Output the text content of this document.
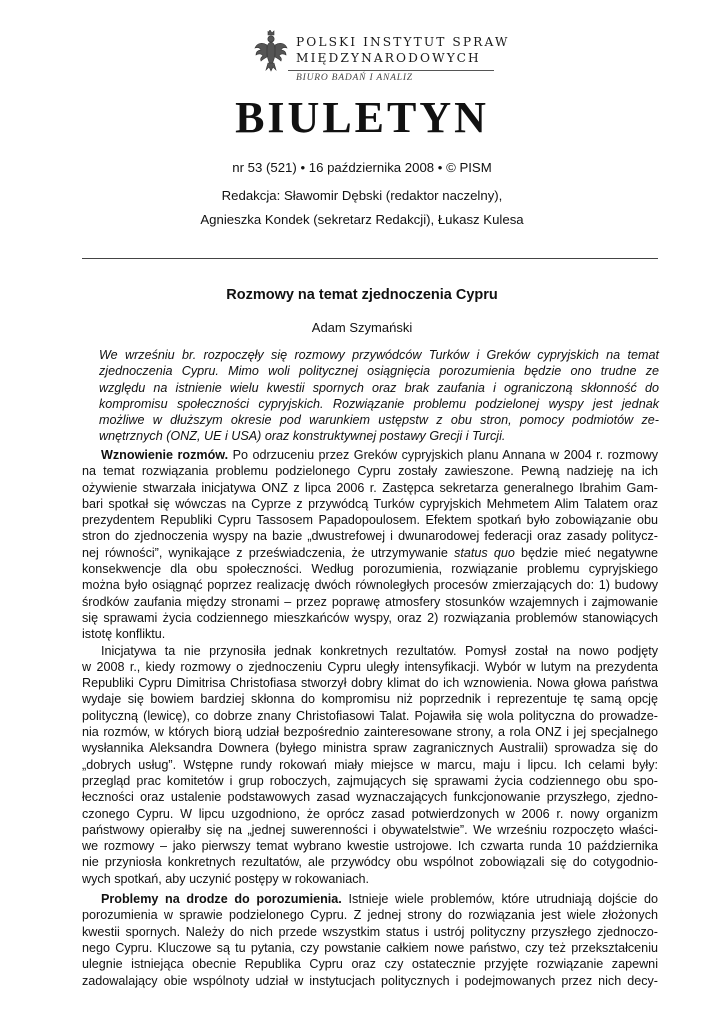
POLSKI INSTYTUT SPRAW
MIĘDZYNARODOWYCH
BIURO BADAŃ I ANALIZ
BIULETYN
nr 53 (521) • 16 października 2008 • © PISM
Redakcja: Sławomir Dębski (redaktor naczelny),
Agnieszka Kondek (sekretarz Redakcji), Łukasz Kulesa
Rozmowy na temat zjednoczenia Cypru
Adam Szymański
We wrześniu br. rozpoczęły się rozmowy przywódców Turków i Greków cypryjskich na temat
zjednoczenia Cypru. Mimo woli politycznej osiągnięcia porozumienia będzie ono trudne ze
względu na istnienie wielu kwestii spornych oraz brak zaufania i ograniczoną skłonność do
kompromisu społeczności cypryjskich. Rozwiązanie problemu podzielonej wyspy jest jednak
możliwe w dłuższym okresie pod warunkiem ustępstw z obu stron, pomocy podmiotów ze-
wnętrznych (ONZ, UE i USA) oraz konstruktywnej postawy Grecji i Turcji.
Wznowienie rozmów. Po odrzuceniu przez Greków cypryjskich planu Annana w 2004 r. rozmowy
na temat rozwiązania problemu podzielonego Cypru zostały zawieszone. Pewną nadzieję na ich
ożywienie stwarzała inicjatywa ONZ z lipca 2006 r. Zastępca sekretarza generalnego Ibrahim Gam-
bari spotkał się wówczas na Cyprze z przywódcą Turków cypryjskich Mehmetem Alim Talatem oraz
prezydentem Republiki Cypru Tassosem Papadopoulosem. Efektem spotkań było zobowiązanie obu
stron do zjednoczenia wyspy na bazie „dwustrefowej i dwunarodowej federacji oraz zasady politycz-
nej równości”, wynikające z przeświadczenia, że utrzymywanie status quo będzie mieć negatywne
konsekwencje dla obu społeczności. Według porozumienia, rozwiązanie problemu cypryjskiego
można było osiągnąć poprzez realizację dwóch równoległych procesów zmierzających do: 1) budowy
środków zaufania między stronami – przez poprawę atmosfery stosunków wzajemnych i zajmowanie
się sprawami życia codziennego mieszkańców wyspy, oraz 2) rozwiązania problemów stanowiących
istotę konfliktu.
Inicjatywa ta nie przynosiła jednak konkretnych rezultatów. Pomysł został na nowo podjęty
w 2008 r., kiedy rozmowy o zjednoczeniu Cypru uległy intensyfikacji. Wybór w lutym na prezydenta
Republiki Cypru Dimitrisa Christofiasa stworzył dobry klimat do ich wznowienia. Nowa głowa państwa
wydaje się bowiem bardziej skłonna do kompromisu niż poprzednik i reprezentuje tę samą opcję
polityczną (lewicę), co dobrze znany Christofiasowi Talat. Pojawiła się wola polityczna do prowadze-
nia rozmów, w których biorą udział bezpośrednio zainteresowane strony, a rola ONZ i jej specjalnego
wysłannika Aleksandra Downera (byłego ministra spraw zagranicznych Australii) sprowadza się do
„dobrych usług”. Wstępne rundy rokowań miały miejsce w marcu, maju i lipcu. Ich celami były:
przegląd prac komitetów i grup roboczych, zajmujących się sprawami życia codziennego obu spo-
łeczności oraz ustalenie podstawowych zasad wyznaczających funkcjonowanie przyszłego, zjedno-
czonego Cypru. W lipcu uzgodniono, że oprócz zasad potwierdzonych w 2006 r. nowy organizm
państwowy opierałby się na „jednej suwerenności i obywatelstwie”. We wrześniu rozpoczęto właści-
we rozmowy – jako pierwszy temat wybrano kwestie ustrojowe. Ich czwarta runda 10 października
nie przyniosła konkretnych rezultatów, ale przywódcy obu wspólnot zobowiązali się do cotygodnio-
wych spotkań, aby uczynić postępy w rokowaniach.
Problemy na drodze do porozumienia. Istnieje wiele problemów, które utrudniają dojście do
porozumienia w sprawie podzielonego Cypru. Z jednej strony do rozwiązania jest wiele złożonych
kwestii spornych. Należy do nich przede wszystkim status i ustrój polityczny przyszłego zjednoczo-
nego Cypru. Kluczowe są tu pytania, czy powstanie całkiem nowe państwo, czy też przekształceniu
ulegnie istniejąca obecnie Republika Cypru oraz czy ostatecznie przyjęte rozwiązanie zapewni
zadowalający obie wspólnoty udział w instytucjach politycznych i podejmowanych przez nich decy-
